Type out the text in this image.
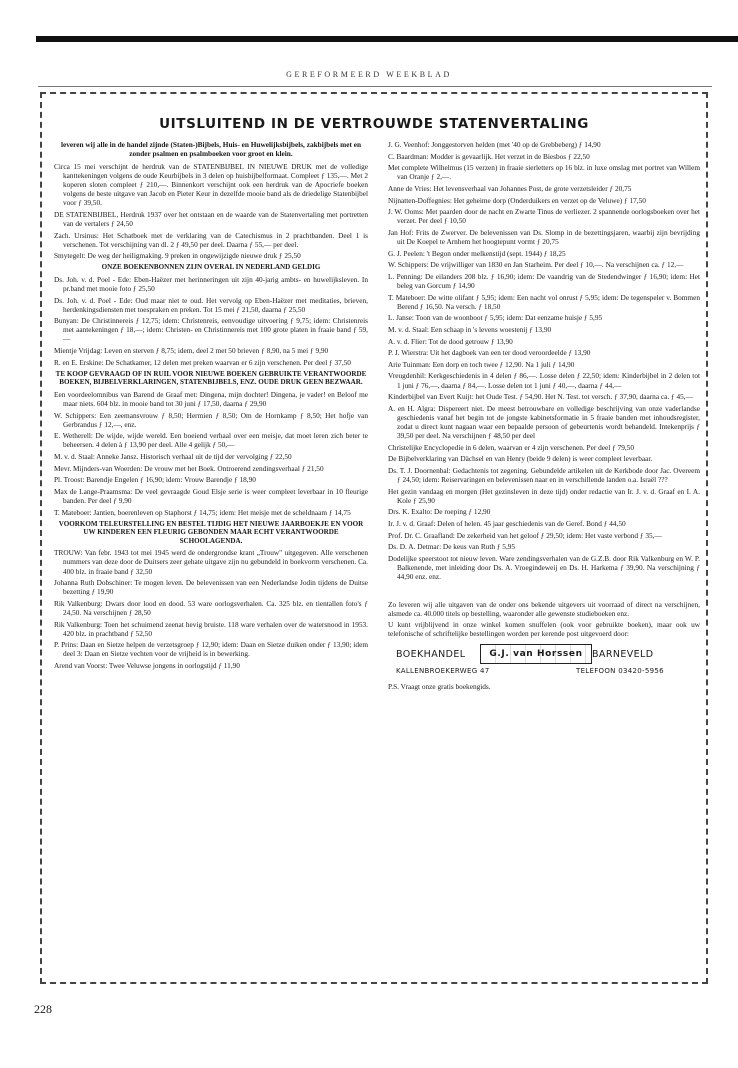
GEREFORMEERD WEEKBLAD
UITSLUITEND IN DE VERTROUWDE STATENVERTALING

leveren wij alle in de handel zijnde (Staten-)Bijbels, Huis- en Huwelijksbijbels, zakbijbels met en zonder psalmen en psalmboeken voor groot en klein.

Circa 15 mei verschijnt de herdruk van de STATENBIJBEL IN NIEUWE DRUK met de volledige kanttekeningen volgens de oude Keurbijbels in 3 delen op huisbijbelformaat. Compleet ƒ 135,—. Met 2 koperen sloten compleet ƒ 210,—. Binnenkort verschijnt ook een herdruk van de Apocriefe boeken volgens de beste uitgave van Jacob en Pieter Keur in dezelfde mooie band als de driedelige Statenbijbel voor ƒ 39,50.

DE STATENBIJBEL, Herdruk 1937 over het ontstaan en de waarde van de Statenvertaling met portretten van de vertalers ƒ 24,50

Zach. Ursinus: Het Schatboek met de verklaring van de Catechismus in 2 prachtbanden. Deel 1 is verschenen. Tot verschijning van dl. 2 ƒ 49,50 per deel. Daarna ƒ 55,— per deel.

Smytegelt: De weg der heiligmaking. 9 preken in ongewijzigde nieuwe druk ƒ 25,50

ONZE BOEKENBONNEN ZIJN OVERAL IN NEDERLAND GELDIG

Ds. Joh. v. d. Poel - Ede: Eben-Haëzer met herinneringen uit zijn 40-jarig ambts- en huwelijksleven. In pr.band met mooie foto ƒ 25,50

Ds. Joh. v. d. Poel - Ede: Oud maar niet te oud. Het vervolg op Eben-Haëzer met meditaties, brieven, herdenkingsdiensten met toespraken en preken. Tot 15 mei ƒ 21,50, daarna ƒ 25,50

Bunyan: De Christinnereis ƒ 12,75; idem: Christenreis, eenvoudige uitvoering ƒ 9,75; idem: Christenreis met aantekeningen ƒ 18,—; idem: Christen- en Christinnereis met 100 grote platen in fraaie band ƒ 59,—

Mientje Vrijdag: Leven en sterven ƒ 8,75; idem, deel 2 met 50 brieven ƒ 8,90, na 5 mei ƒ 9,90

R. en E. Erskine: De Schatkamer, 12 delen met preken waarvan er 6 zijn verschenen. Per deel ƒ 37,50

TE KOOP GEVRAAGD OF IN RUIL VOOR NIEUWE BOEKEN GEBRUIKTE VERANTWOORDE BOEKEN, BIJBELVERKLARINGEN, STATENBIJBELS, ENZ. OUDE DRUK GEEN BEZWAAR.

Een voordeelomnibus van Barend de Graaf met: Dingena, mijn dochter! Dingena, je vader! en Beloof me maar niets. 604 blz. in mooie band tot 30 juni ƒ 17,50, daarna ƒ 29,90

W. Schippers: Een zeemansvrouw ƒ 8,50; Hermien ƒ 8,50; Om de Hornkamp ƒ 8,50; Het hofje van Gerbrandus ƒ 12,—, enz.

E. Wetherell: De wijde, wijde wereld. Een boeiend verhaal over een meisje, dat moet leren zich beter te beheersen. 4 delen à ƒ 13,90 per deel. Alle 4 gelijk ƒ 50,—

M. v. d. Staal: Anneke Jansz. Historisch verhaal uit de tijd der vervolging ƒ 22,50

Mevr. Mijnders-van Woerden: De vrouw met het Boek. Ontroerend zendingsverhaal ƒ 21,50

Pl. Troost: Barendje Engelen ƒ 16,90; idem: Vrouw Barendje ƒ 18,90

Max de Lange-Praamsma: De veel gevraagde Goud Elsje serie is weer compleet leverbaar in 10 fleurige banden. Per deel ƒ 9,90

T. Mateboer: Jantien, boerenleven op Staphorst ƒ 14,75; idem: Het meisje met de scheldnaam ƒ 14,75

VOORKOM TELEURSTELLING EN BESTEL TIJDIG HET NIEUWE JAARBOEKJE EN VOOR UW KINDEREN EEN FLEURIG GEBONDEN MAAR ECHT VERANTWOORDE SCHOOLAGENDA.

TROUW: Van febr. 1943 tot mei 1945 werd de ondergrondse krant „Trouw" uitgegeven. Alle verschenen nummers van deze door de Duitsers zeer gehate uitgave zijn nu gebundeld in boekvorm verschenen. Ca. 400 blz. in fraaie band ƒ 32,50

Johanna Ruth Dobschiner: Te mogen leven. De belevenissen van een Nederlandse Jodin tijdens de Duitse bezetting ƒ 19,90

Rik Valkenburg: Dwars door lood en dood. 53 ware oorlogsverhalen. Ca. 325 blz. en tientallen foto's ƒ 24,50. Na verschijnen ƒ 28,50

Rik Valkenburg: Toen het schuimend zeenat hevig bruiste. 118 ware verhalen over de watersnood in 1953. 420 blz. in prachtband ƒ 52,50

P. Prins: Daan en Sietze helpen de verzetsgroep ƒ 12,90; idem: Daan en Sietze duiken onder ƒ 13,90; idem deel 3: Daan en Sietze vechten voor de vrijheid is in bewerking.

Arend van Voorst: Twee Veluwse jongens in oorlogstijd ƒ 11,90

J. G. Veenhof: Jonggestorven helden (met '40 op de Grebbeberg) ƒ 14,90

C. Baardman: Modder is gevaarlijk. Het verzet in de Biesbos ƒ 22,50

Met complete Wilhelmus (15 verzen) in fraaie sierletters op 16 blz. in luxe omslag met portret van Willem van Oranje ƒ 2,—.

Anne de Vries: Het levensverhaal van Johannes Post, de grote verzetsleider ƒ 20,75

Nijnatten-Doffegnies: Het geheime dorp (Onderduikers en verzet op de Veluwe) ƒ 17,50

J. W. Ooms: Met paarden door de nacht en Zwarte Tinus de verliezer. 2 spannende oorlogsboeken over het verzet. Per deel ƒ 10,50

Jan Hof: Frits de Zwerver. De belevenissen van Ds. Slomp in de bezettingsjaren, waarbij zijn bevrijding uit De Koepel te Arnhem het hoogtepunt vormt ƒ 20,75

G. J. Peelen: 't Begon onder melkenstijd (sept. 1944) ƒ 18,25

W. Schippers: De vrijwilliger van 1830 en Jan Starheim. Per deel ƒ 10,—. Na verschijnen ca. ƒ 12,—

L. Penning: De eilanders 208 blz. ƒ 16,90; idem: De vaandrig van de Stedendwinger ƒ 16,90; idem: Het beleg van Gorcum ƒ 14,90

T. Mateboer: De witte olifant ƒ 5,95; idem: Een nacht vol onrust ƒ 5,95; idem: De tegenspeler v. Bommen Berend ƒ 16,50. Na versch. ƒ 18,50

L. Janse: Toon van de woonboot ƒ 5,95; idem: Dat eenzame huisje ƒ 5,95

M. v. d. Staal: Een schaap in 's levens woestenij ƒ 13,90

A. v. d. Flier: Tot de dood getrouw ƒ 13,90

P. J. Wierstra: Uit het dagboek van een ter dood veroordeelde ƒ 13,90

Arie Tuinman: Een dorp en toch twee ƒ 12,90. Na 1 juli ƒ 14,90

Vreugdenhil: Kerkgeschiedenis in 4 delen ƒ 86,—. Losse delen ƒ 22,50; idem: Kinderbijbel in 2 delen tot 1 juni ƒ 76,—, daarna ƒ 84,—. Losse delen tot 1 juni ƒ 40,—, daarna ƒ 44,—

Kinderbijbel van Evert Kuijt: het Oude Test. ƒ 54,90. Het N. Test. tot versch. ƒ 37,90, daarna ca. ƒ 45,—

A. en H. Algra: Dispereert niet. De meest betrouwbare en volledige beschrijving van onze vaderlandse geschiedenis vanaf het begin tot de jongste kabinetsformatie in 5 fraaie banden met inhoudsregister, zodat u direct kunt nagaan waar een bepaalde persoon of gebeurtenis wordt behandeld. Intekenprijs ƒ 39,50 per deel. Na verschijnen ƒ 48,50 per deel

Christelijke Encyclopedie in 6 delen, waarvan er 4 zijn verschenen. Per deel ƒ 79,50

De Bijbelverklaring van Dächsel en van Henry (beide 9 delen) is weer compleet leverbaar.

Ds. T. J. Doornenbal: Gedachtenis tot zegening. Gebundelde artikelen uit de Kerkbode door Jac. Overeem ƒ 24,50; idem: Reiservaringen en belevenissen naar en in verschillende landen o.a. Israël ???

Het gezin vandaag en morgen (Het gezinsleven in deze tijd) onder redactie van Ir. J. v. d. Graaf en I. A. Kole ƒ 25,90

Drs. K. Exalto: De roeping ƒ 12,90

Ir. J. v. d. Graaf: Delen of helen. 45 jaar geschiedenis van de Geref. Bond ƒ 44,50

Prof. Dr. C. Graafland: De zekerheid van het geloof ƒ 29,50; idem: Het vaste verbond ƒ 35,—

Ds. D. A. Detmar: De keus van Ruth ƒ 5,95

Dodelijke speerstoot tot nieuw leven. Ware zendingsverhalen van de G.Z.B. door Rik Valkenburg en W. P. Balkenende, met inleiding door Ds. A. Vroegindeweij en Ds. H. Harkema ƒ 39,90. Na verschijning ƒ 44,90 enz. enz.

Zo leveren wij alle uitgaven van de onder ons bekende uitgevers uit voorraad of direct na verschijnen, alsmede ca. 40.000 titels op bestelling, waaronder alle gewenste studieboeken enz.

U kunt vrijblijvend in onze winkel komen snuffelen (ook voor gebruikte boeken), maar ook uw telefonische of schriftelijke bestellingen worden per kerende post uitgevoerd door:

BOEKHANDEL	G.J. van Horssen BARNEVELD
KALLENBROEKERWEG 47	TELEFOON 03420-5956

P.S. Vraagt onze gratis boekengids.

228
